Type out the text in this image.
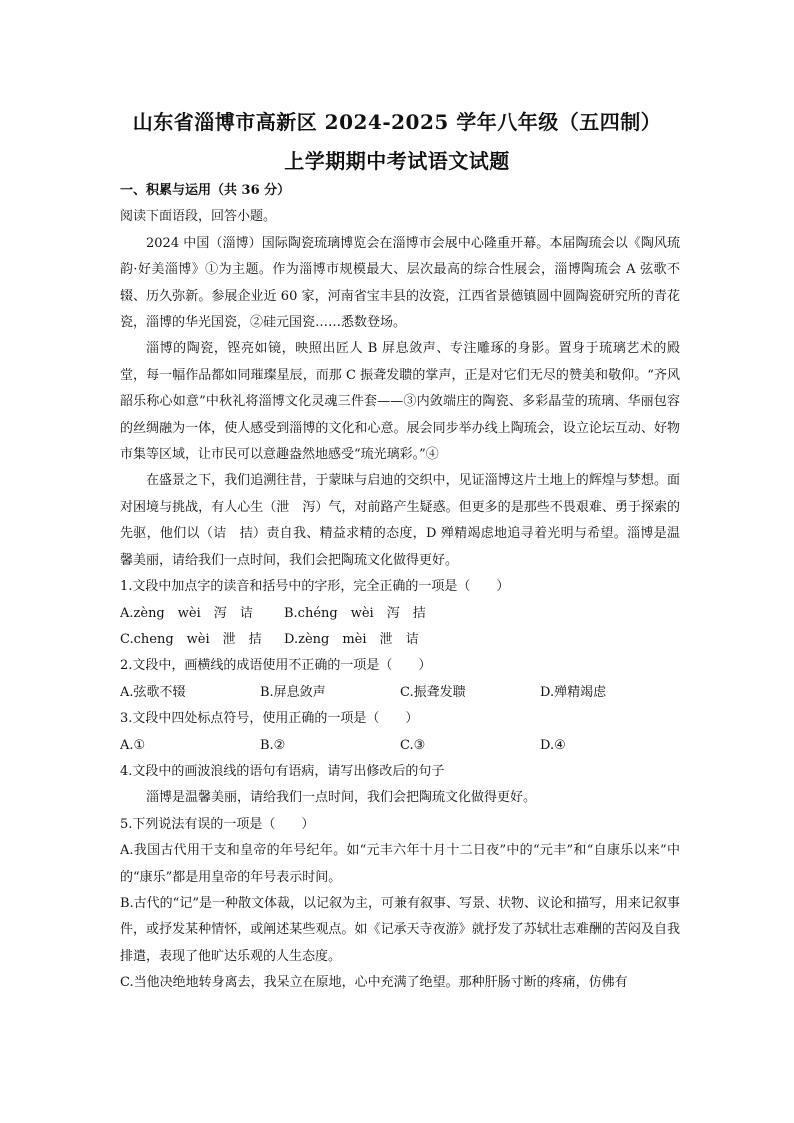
山东省淄博市高新区 2024-2025 学年八年级（五四制）
上学期期中考试语文试题

一、积累与运用（共 36 分）

阅读下面语段，回答小题。

2024 中国（淄博）国际陶瓷琉璃博览会在淄博市会展中心隆重开幕。本届陶琉会以《陶风琉韵·好美淄博》①为主题。作为淄博市规模最大、层次最高的综合性展会，淄博陶琉会 A 弦歌不辍、历久弥新。参展企业近 60 家，河南省宝丰县的汝瓷，江西省景德镇圆中圆陶瓷研究所的青花瓷，淄博的华光国瓷，②硅元国瓷……悉数登场。

淄博的陶瓷，铿亮如镜，映照出匠人 B 屏息敛声、专注雕琢的身影。置身于琉璃艺术的殿堂，每一幅作品都如同璀璨星辰，而那 C 振聋发聩的掌声，正是对它们无尽的赞美和敬仰。“齐风韶乐称心如意”中秋礼将淄博文化灵魂三件套——③内敛端庄的陶瓷、多彩晶莹的琉璃、华丽包容的丝绸融为一体，使人感受到淄博的文化和心意。展会同步举办线上陶琉会，设立论坛互动、好物市集等区域，让市民可以意趣盎然地感受“琉光璃彩。”④

在盛景之下，我们追溯往昔，于蒙昧与启迪的交织中，见证淄博这片土地上的辉煌与梦想。面对困境与挑战，有人心生（泄　泻）气，对前路产生疑惑。但更多的是那些不畏艰难、勇于探索的先驱，他们以（诘　拮）责自我、精益求精的态度，D 殚精竭虑地追寻着光明与希望。淄博是温馨美丽，请给我们一点时间，我们会把陶琉文化做得更好。

1.文段中加点字的读音和括号中的字形，完全正确的一项是（　　）

A.zèng　wèi　泻　诘	B.chéng　wèi　泻　拮
C.cheng　wèi　泄　拮	D.zèng　mèi　泄　诘

2.文段中，画横线的成语使用不正确的一项是（　　）

A.弦歌不辍	B.屏息敛声	C.振聋发聩	D.殚精竭虑

3.文段中四处标点符号，使用正确的一项是（　　）

A.①	B.②	C.③	D.④

4.文段中的画波浪线的语句有语病，请写出修改后的句子

淄博是温馨美丽，请给我们一点时间，我们会把陶琉文化做得更好。

5.下列说法有误的一项是（　　）

A.我国古代用干支和皇帝的年号纪年。如“元丰六年十月十二日夜”中的“元丰”和“自康乐以来”中的“康乐”都是用皇帝的年号表示时间。

B.古代的“记”是一种散文体裁，以记叙为主，可兼有叙事、写景、状物、议论和描写，用来记叙事件，或抒发某种情怀，或阐述某些观点。如《记承天寺夜游》就抒发了苏轼壮志难酬的苦闷及自我排遣，表现了他旷达乐观的人生态度。

C.当他决绝地转身离去，我呆立在原地，心中充满了绝望。那种肝肠寸断的疼痛，仿佛有
